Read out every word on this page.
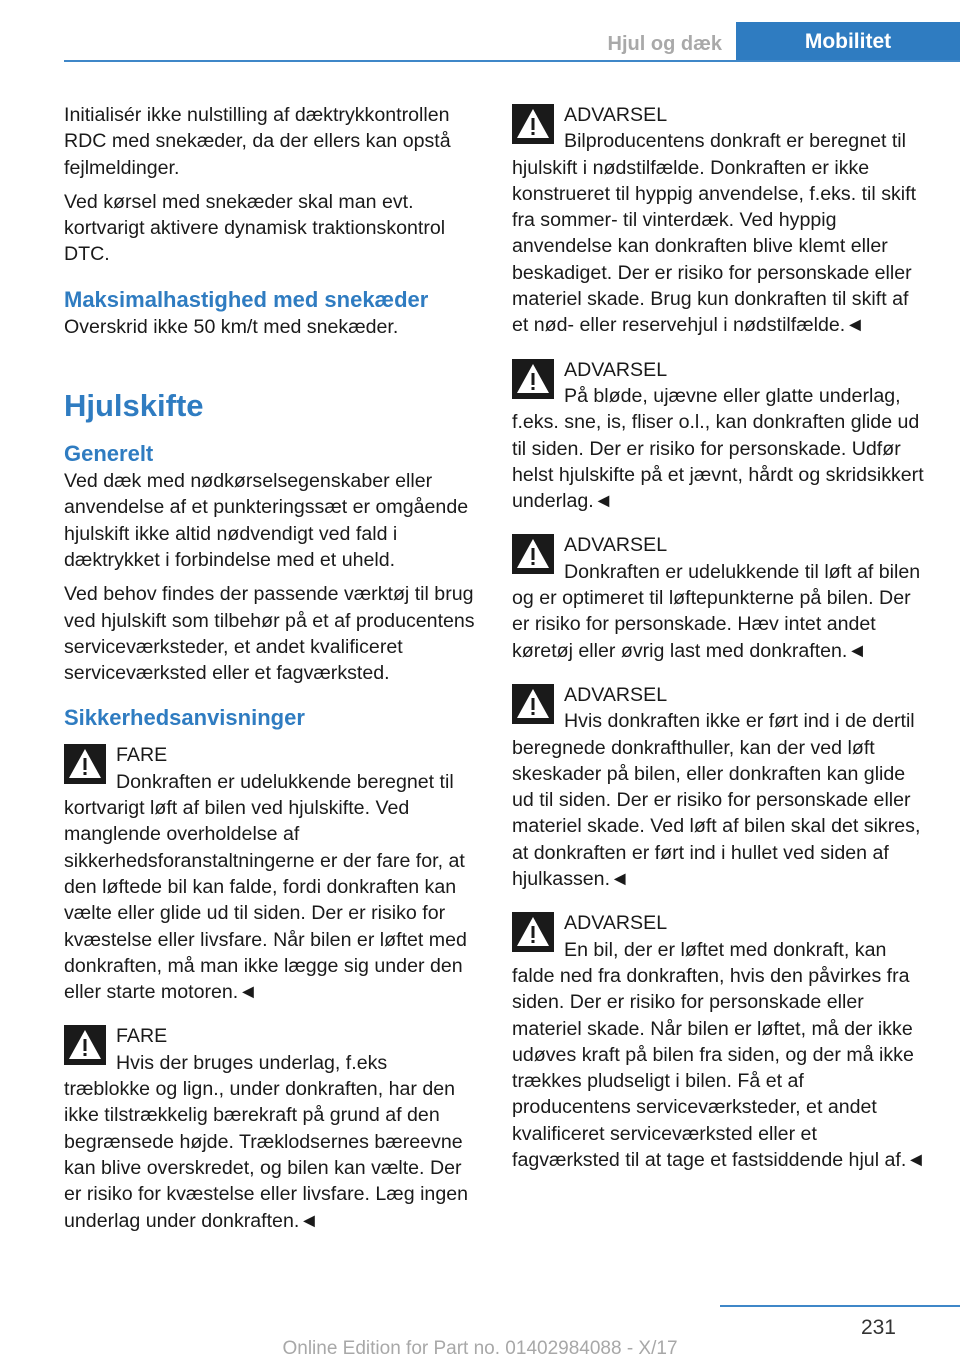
Hjul og dæk	Mobilitet

Initialisér ikke nulstilling af dæktrykkontrollen RDC med snekæder, da der ellers kan opstå fejlmeldinger.

Ved kørsel med snekæder skal man evt. kortvarigt aktivere dynamisk traktionskontrol DTC.

Maksimalhastighed med snekæder

Overskrid ikke 50 km/t med snekæder.

Hjulskifte
Generelt

Ved dæk med nødkørselsegenskaber eller anvendelse af et punkteringssæt er omgående hjulskift ikke altid nødvendigt ved fald i dæktrykket i forbindelse med et uheld.

Ved behov findes der passende værktøj til brug ved hjulskift som tilbehør på et af producentens serviceværksteder, et andet kvalificeret serviceværksted eller et fagværksted.

Sikkerhedsanvisninger
FARE
Donkraften er udelukkende beregnet til kortvarigt løft af bilen ved hjulskifte. Ved manglende overholdelse af sikkerhedsforanstaltningerne er der fare for, at den løftede bil kan falde, fordi donkraften kan vælte eller glide ud til siden. Der er risiko for kvæstelse eller livsfare. Når bilen er løftet med donkraften, må man ikke lægge sig under den eller starte motoren.◄
FARE
Hvis der bruges underlag, f.eks træblokke og lign., under donkraften, har den ikke tilstrækkelig bærekraft på grund af den begrænsede højde. Træklodsernes bæreevne kan blive overskredet, og bilen kan vælte. Der er risiko for kvæstelse eller livsfare. Læg ingen underlag under donkraften.◄
ADVARSEL
Bilproducentens donkraft er beregnet til hjulskift i nødstilfælde. Donkraften er ikke konstrueret til hyppig anvendelse, f.eks. til skift fra sommer- til vinterdæk. Ved hyppig anvendelse kan donkraften blive klemt eller beskadiget. Der er risiko for personskade eller materiel skade. Brug kun donkraften til skift af et nød- eller reservehjul i nødstilfælde.◄
ADVARSEL
På bløde, ujævne eller glatte underlag, f.eks. sne, is, fliser o.l., kan donkraften glide ud til siden. Der er risiko for personskade. Udfør helst hjulskifte på et jævnt, hårdt og skridsikkert underlag.◄
ADVARSEL
Donkraften er udelukkende til løft af bilen og er optimeret til løftepunkterne på bilen. Der er risiko for personskade. Hæv intet andet køretøj eller øvrig last med donkraften.◄
ADVARSEL
Hvis donkraften ikke er ført ind i de dertil beregnede donkrafthuller, kan der ved løft skeskader på bilen, eller donkraften kan glide ud til siden. Der er risiko for personskade eller materiel skade. Ved løft af bilen skal det sikres, at donkraften er ført ind i hullet ved siden af hjulkassen.◄
ADVARSEL
En bil, der er løftet med donkraft, kan falde ned fra donkraften, hvis den påvirkes fra siden. Der er risiko for personskade eller materiel skade. Når bilen er løftet, må der ikke udøves kraft på bilen fra siden, og der må ikke trækkes pludseligt i bilen. Få et af producentens serviceværksteder, et andet kvalificeret serviceværksted eller et fagværksted til at tage et fastsiddende hjul af.◄
231
Online Edition for Part no. 01402984088 - X/17
